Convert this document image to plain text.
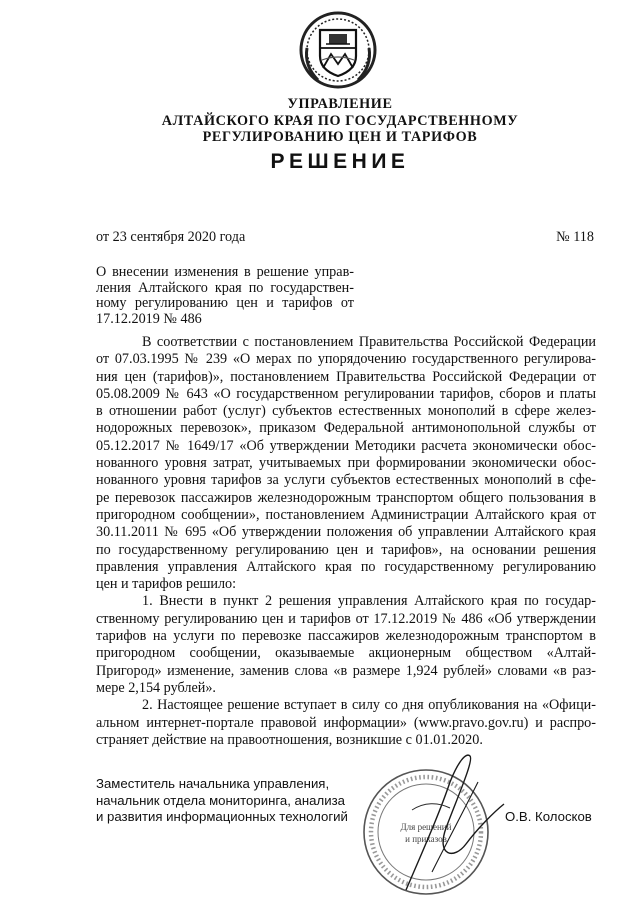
УПРАВЛЕНИЕ
АЛТАЙСКОГО КРАЯ ПО ГОСУДАРСТВЕННОМУ
РЕГУЛИРОВАНИЮ ЦЕН И ТАРИФОВ
РЕШЕНИЕ
от 23 сентября 2020 года	№ 118
О внесении изменения в решение управ-
ления Алтайского края по государствен-
ному регулированию цен и тарифов от
17.12.2019 № 486
В соответствии с постановлением Правительства Российской Федерации
от 07.03.1995 № 239 «О мерах по упорядочению государственного регулирова-
ния цен (тарифов)», постановлением Правительства Российской Федерации от
05.08.2009 № 643 «О государственном регулировании тарифов, сборов и платы
в отношении работ (услуг) субъектов естественных монополий в сфере желез-
нодорожных перевозок», приказом Федеральной антимонопольной службы от
05.12.2017 № 1649/17 «Об утверждении Методики расчета экономически обос-
нованного уровня затрат, учитываемых при формировании экономически обос-
нованного уровня тарифов за услуги субъектов естественных монополий в сфе-
ре перевозок пассажиров железнодорожным транспортом общего пользования в
пригородном сообщении», постановлением Администрации Алтайского края от
30.11.2011 № 695 «Об утверждении положения об управлении Алтайского края
по государственному регулированию цен и тарифов», на основании решения
правления управления Алтайского края по государственному регулированию
цен и тарифов решило:
1. Внести в пункт 2 решения управления Алтайского края по государ-
ственному регулированию цен и тарифов от 17.12.2019 № 486 «Об утверждении
тарифов на услуги по перевозке пассажиров железнодорожным транспортом в
пригородном сообщении, оказываемые акционерным обществом «Алтай-
Пригород» изменение, заменив слова «в размере 1,924 рублей» словами «в раз-
мере 2,154 рублей».
2. Настоящее решение вступает в силу со дня опубликования на «Офици-
альном интернет-портале правовой информации» (www.pravo.gov.ru) и распро-
страняет действие на правоотношения, возникшие с 01.01.2020.
Заместитель начальника управления,
начальник отдела мониторинга, анализа
и развития информационных технологий
Для решений
и приказов
О.В. Колосков
